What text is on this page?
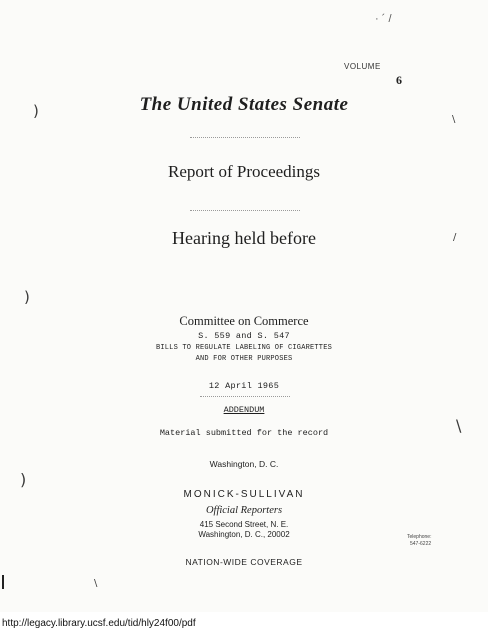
· ´ /
VOLUME
6
)
)
)
\
/
\
\
The United States Senate
Report of Proceedings
Hearing held before
Committee on Commerce
S. 559 and S. 547
BILLS TO REGULATE LABELING OF CIGARETTES
AND FOR OTHER PURPOSES
12 April 1965
ADDENDUM
Material submitted for the record
Washington, D. C.
MONICK-SULLIVAN
Official Reporters
415 Second Street, N. E.
Washington, D. C., 20002	Telephone:
547-6222
NATION-WIDE COVERAGE
http://legacy.library.ucsf.edu/tid/hly24f00/pdf
